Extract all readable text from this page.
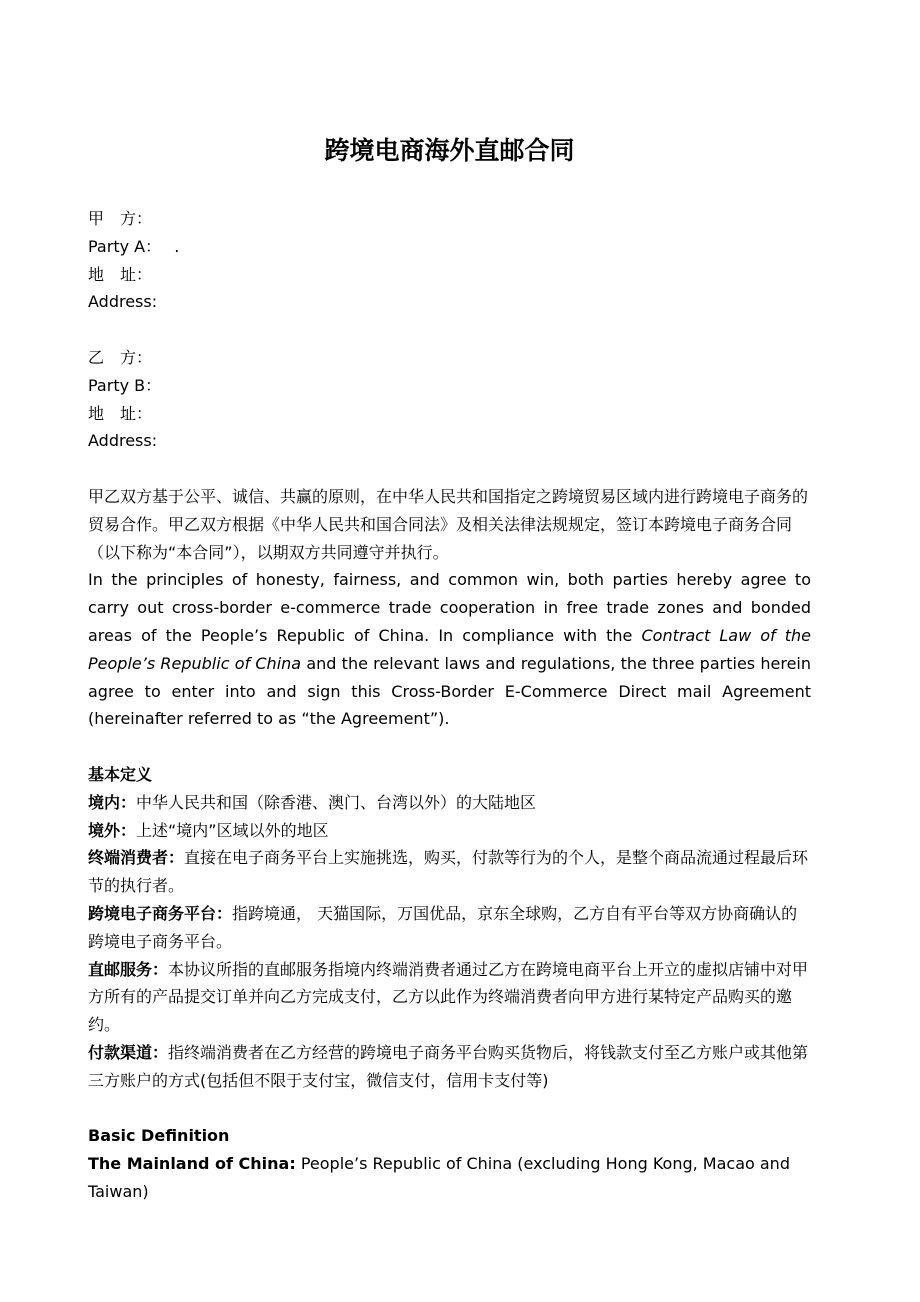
跨境电商海外直邮合同
甲　方：
Party A： .
地　址：
Address:
乙　方：
Party B：
地　址：
Address:
甲乙双方基于公平、诚信、共赢的原则，在中华人民共和国指定之跨境贸易区域内进行跨境电子商务的贸易合作。甲乙双方根据《中华人民共和国合同法》及相关法律法规规定，签订本跨境电子商务合同（以下称为“本合同”），以期双方共同遵守并执行。
In the principles of honesty, fairness, and common win, both parties hereby agree to carry out cross-border e-commerce trade cooperation in free trade zones and bonded areas of the People’s Republic of China. In compliance with the Contract Law of the People’s Republic of China and the relevant laws and regulations, the three parties herein agree to enter into and sign this Cross-Border E-Commerce Direct mail Agreement (hereinafter referred to as “the Agreement”).
基本定义
境内：中华人民共和国（除香港、澳门、台湾以外）的大陆地区
境外：上述“境内”区域以外的地区
终端消费者：直接在电子商务平台上实施挑选，购买，付款等行为的个人，是整个商品流通过程最后环节的执行者。
跨境电子商务平台：指跨境通， 天猫国际，万国优品，京东全球购，乙方自有平台等双方协商确认的跨境电子商务平台。
直邮服务：本协议所指的直邮服务指境内终端消费者通过乙方在跨境电商平台上开立的虚拟店铺中对甲方所有的产品提交订单并向乙方完成支付，乙方以此作为终端消费者向甲方进行某特定产品购买的邀约。
付款渠道：指终端消费者在乙方经营的跨境电子商务平台购买货物后，将钱款支付至乙方账户或其他第三方账户的方式(包括但不限于支付宝，微信支付，信用卡支付等)
Basic Definition
The Mainland of China: People’s Republic of China (excluding Hong Kong, Macao and Taiwan)
